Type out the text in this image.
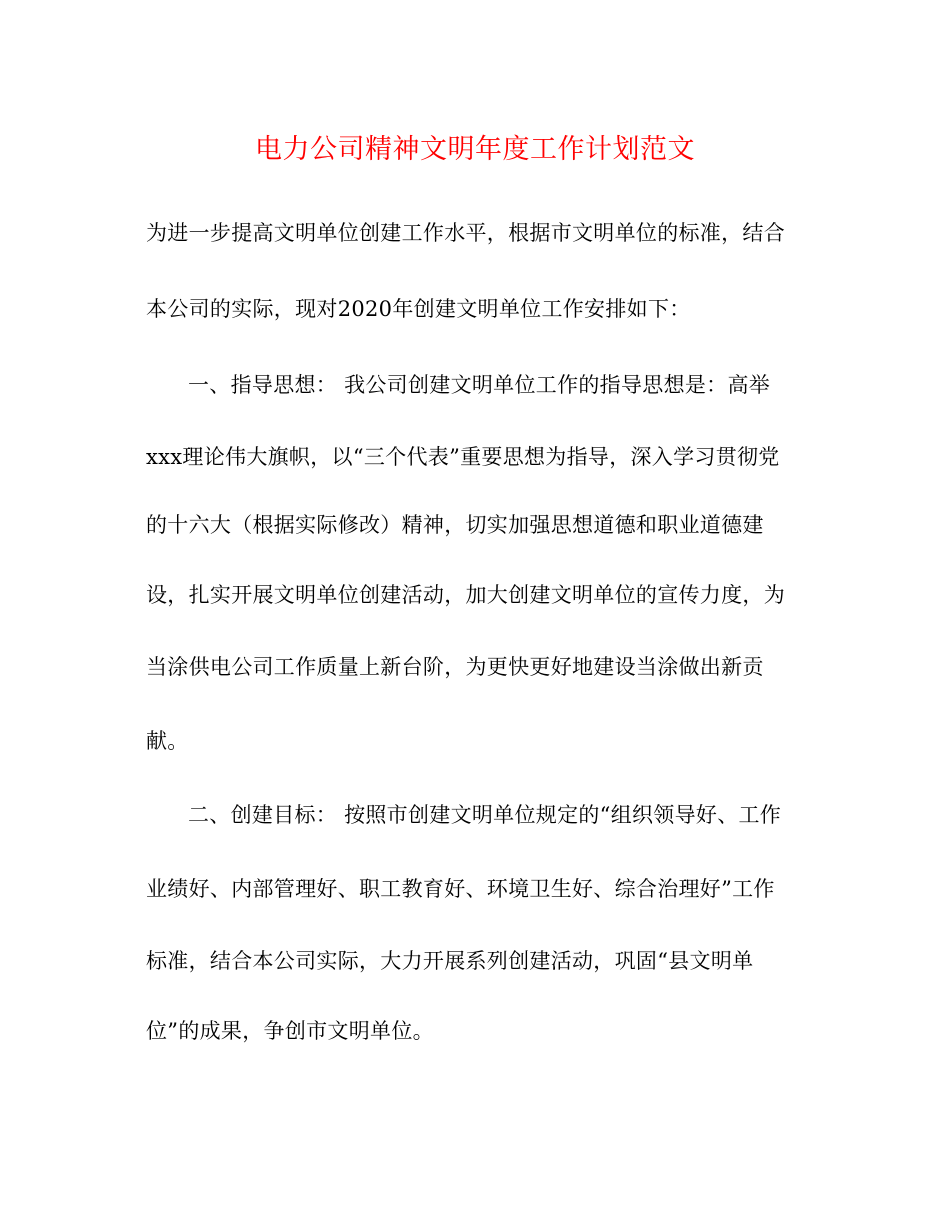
电力公司精神文明年度工作计划范文
为进一步提高文明单位创建工作水平，根据市文明单位的标准，结合
本公司的实际，现对2020年创建文明单位工作安排如下：
一、指导思想： 我公司创建文明单位工作的指导思想是：高举
xxx理论伟大旗帜，以“三个代表”重要思想为指导，深入学习贯彻党
的十六大（根据实际修改）精神，切实加强思想道德和职业道德建
设，扎实开展文明单位创建活动，加大创建文明单位的宣传力度，为
当涂供电公司工作质量上新台阶，为更快更好地建设当涂做出新贡
献。
二、创建目标： 按照市创建文明单位规定的“组织领导好、工作
业绩好、内部管理好、职工教育好、环境卫生好、综合治理好”工作
标准，结合本公司实际，大力开展系列创建活动，巩固“县文明单
位”的成果，争创市文明单位。
